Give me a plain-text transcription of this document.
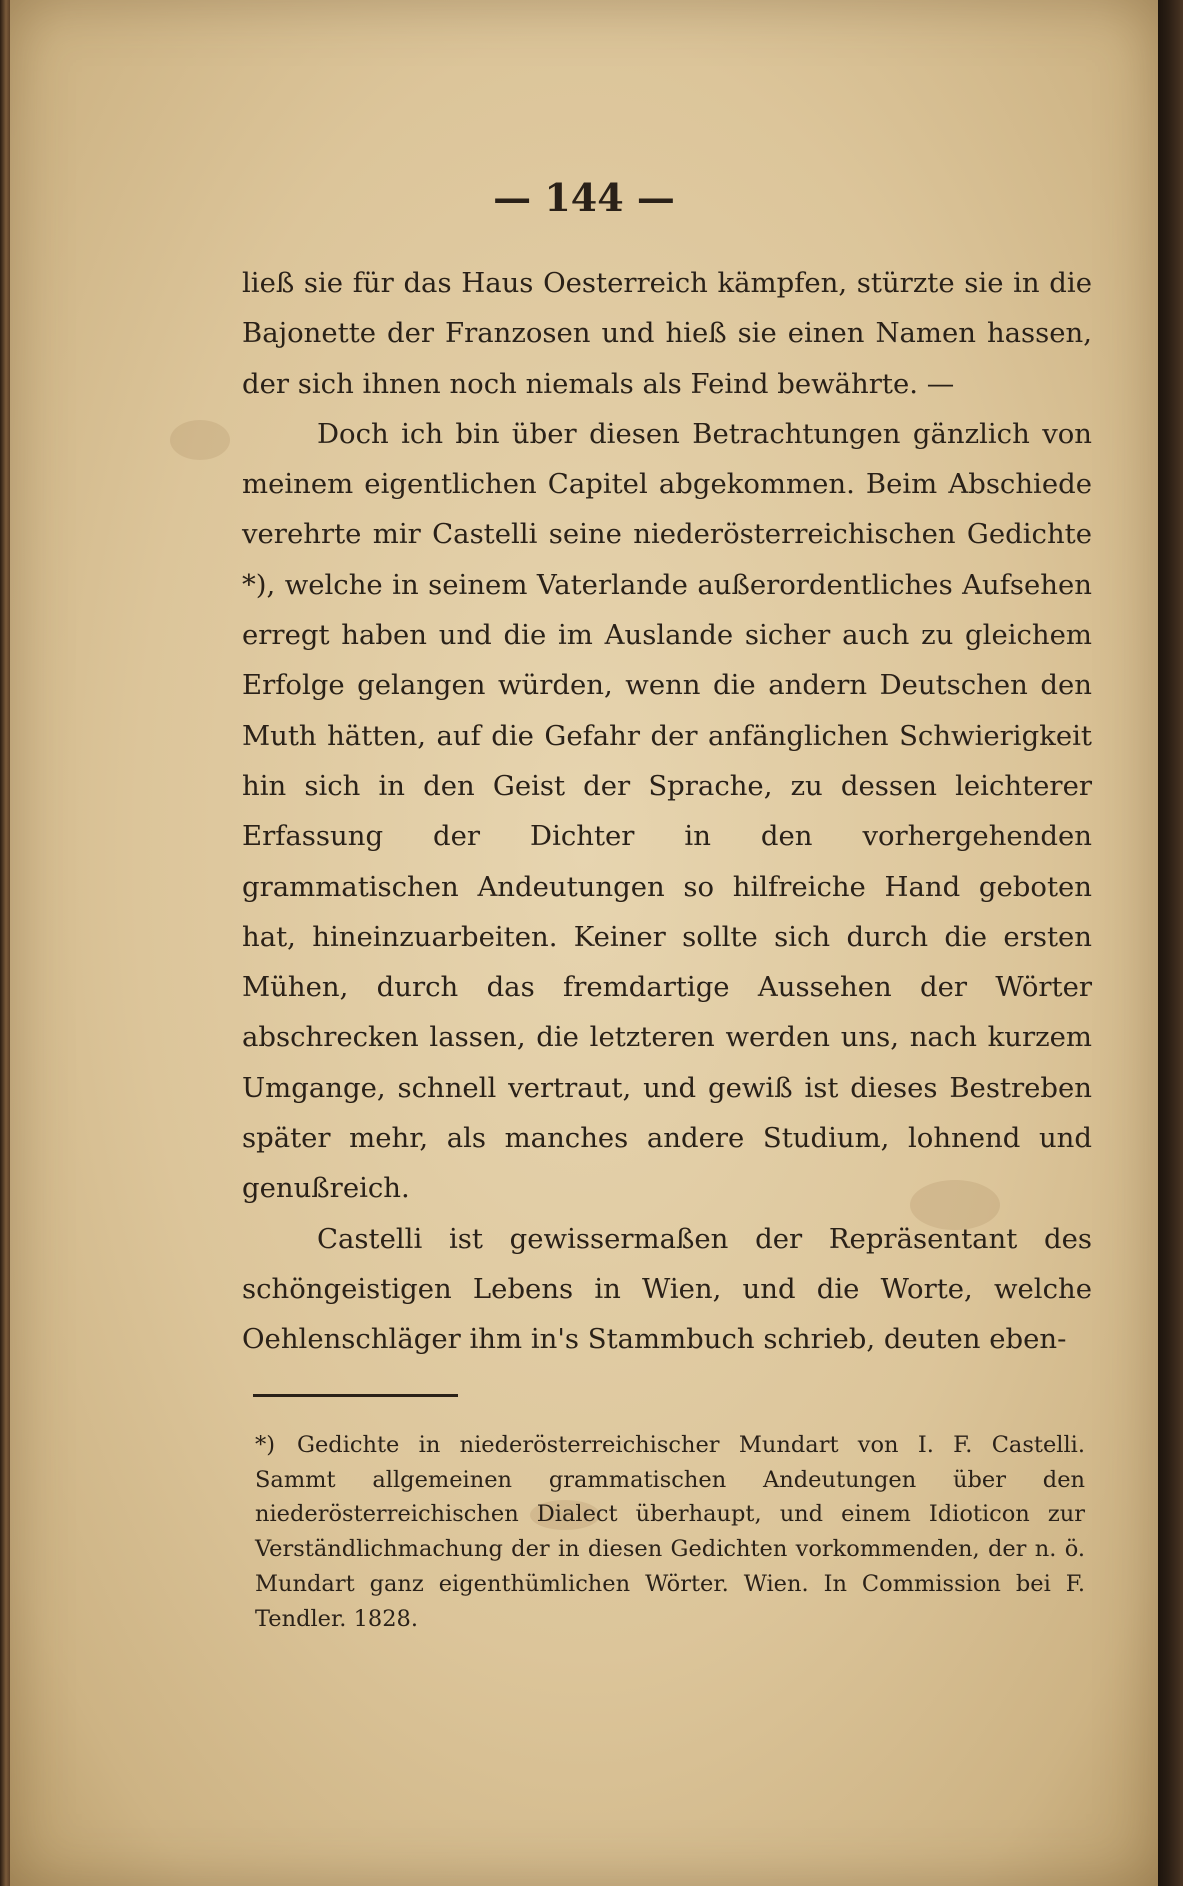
— 144 —

ließ sie für das Haus Oesterreich kämpfen, stürzte sie in die Bajonette der Franzosen und hieß sie einen Namen hassen, der sich ihnen noch niemals als Feind bewährte. —

Doch ich bin über diesen Betrachtungen gänzlich von meinem eigentlichen Capitel abgekommen. Beim Abschiede verehrte mir Castelli seine niederösterreichischen Gedichte *), welche in seinem Vaterlande außerordentliches Aufsehen erregt haben und die im Auslande sicher auch zu gleichem Erfolge gelangen würden, wenn die andern Deutschen den Muth hätten, auf die Gefahr der anfänglichen Schwierigkeit hin sich in den Geist der Sprache, zu dessen leichterer Erfassung der Dichter in den vorhergehenden grammatischen Andeutungen so hilfreiche Hand geboten hat, hineinzuarbeiten. Keiner sollte sich durch die ersten Mühen, durch das fremdartige Aussehen der Wörter abschrecken lassen, die letzteren werden uns, nach kurzem Umgange, schnell vertraut, und gewiß ist dieses Bestreben später mehr, als manches andere Studium, lohnend und genußreich.

Castelli ist gewissermaßen der Repräsentant des schöngeistigen Lebens in Wien, und die Worte, welche Oehlenschläger ihm in's Stammbuch schrieb, deuten eben-

*) Gedichte in niederösterreichischer Mundart von I. F. Castelli. Sammt allgemeinen grammatischen Andeutungen über den niederösterreichischen Dialect überhaupt, und einem Idioticon zur Verständlichmachung der in diesen Gedichten vorkommenden, der n. ö. Mundart ganz eigenthümlichen Wörter. Wien. In Commission bei F. Tendler. 1828.
